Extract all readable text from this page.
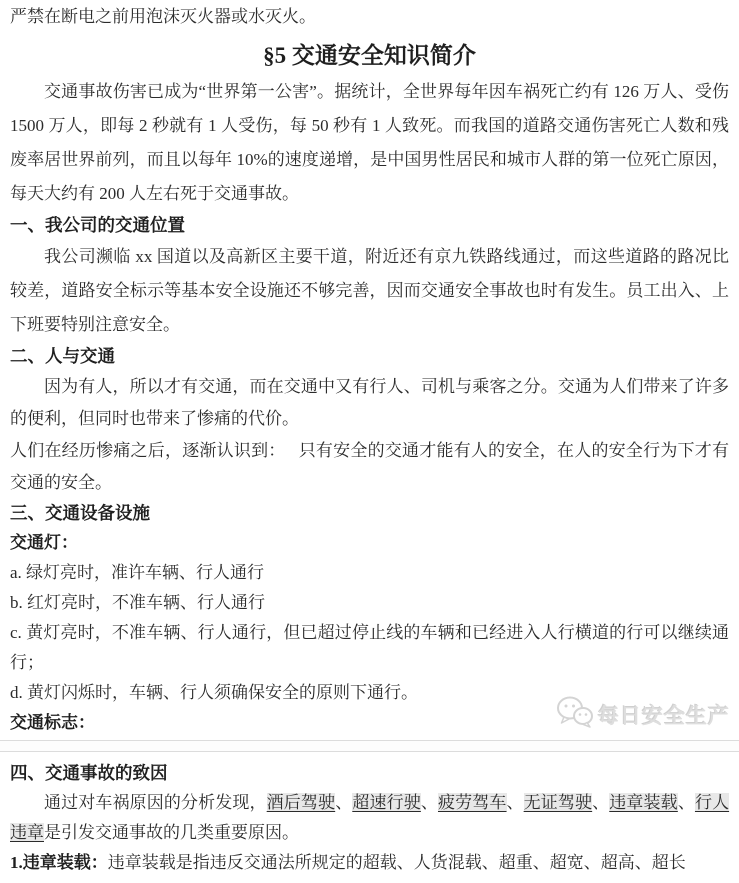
严禁在断电之前用泡沫灭火器或水灭火。

§5 交通安全知识简介

交通事故伤害已成为“世界第一公害”。据统计，全世界每年因车祸死亡约有 126 万人、受伤 1500 万人，即每 2 秒就有 1 人受伤，每 50 秒有 1 人致死。而我国的道路交通伤害死亡人数和残废率居世界前列，而且以每年 10%的速度递增，是中国男性居民和城市人群的第一位死亡原因，每天大约有 200 人左右死于交通事故。

一、我公司的交通位置

我公司濒临 xx 国道以及高新区主要干道，附近还有京九铁路线通过，而这些道路的路况比较差，道路安全标示等基本安全设施还不够完善，因而交通安全事故也时有发生。员工出入、上下班要特别注意安全。

二、人与交通

因为有人，所以才有交通，而在交通中又有行人、司机与乘客之分。交通为人们带来了许多的便利，但同时也带来了惨痛的代价。

人们在经历惨痛之后，逐渐认识到：　 只有安全的交通才能有人的安全，在人的安全行为下才有交通的安全。

三、交通设备设施

交通灯：

a. 绿灯亮时，准许车辆、行人通行

b. 红灯亮时，不准车辆、行人通行

c. 黄灯亮时，不准车辆、行人通行，但已超过停止线的车辆和已经进入人行横道的行可以继续通行；

d. 黄灯闪烁时，车辆、行人须确保安全的原则下通行。

交通标志：

四、交通事故的致因

通过对车祸原因的分析发现，酒后驾驶、超速行驶、疲劳驾车、无证驾驶、违章装载、行人违章是引发交通事故的几类重要原因。

1.违章装载：违章装载是指违反交通法所规定的超载、人货混载、超重、超宽、超高、超长

每日安全生产
